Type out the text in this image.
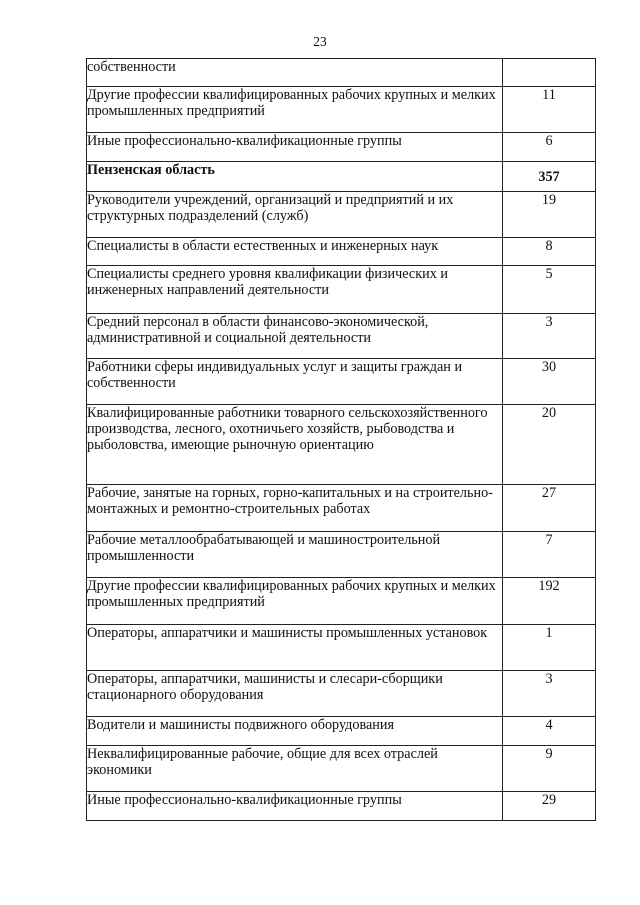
23
собственности	
Другие профессии квалифицированных рабочих крупных и мелких промышленных предприятий	11
Иные профессионально-квалификационные группы	6
Пензенская область	357
Руководители учреждений, организаций и предприятий и их структурных подразделений (служб)	19
Специалисты в области естественных и инженерных наук	8
Специалисты среднего уровня квалификации физических и инженерных направлений деятельности	5
Средний персонал в области финансово-экономической, административной и социальной деятельности	3
Работники сферы индивидуальных услуг и защиты граждан и собственности	30
Квалифицированные работники товарного сельскохозяйственного производства, лесного, охотничьего хозяйств, рыбоводства и рыболовства, имеющие рыночную ориентацию	20
Рабочие, занятые на горных, горно-капитальных и на строительно-монтажных и ремонтно-строительных работах	27
Рабочие металлообрабатывающей и машиностроительной промышленности	7
Другие профессии квалифицированных рабочих крупных и мелких промышленных предприятий	192
Операторы, аппаратчики и машинисты промышленных установок	1
Операторы, аппаратчики, машинисты и слесари-сборщики стационарного оборудования	3
Водители и машинисты подвижного оборудования	4
Неквалифицированные рабочие, общие для всех отраслей экономики	9
Иные профессионально-квалификационные группы	29
